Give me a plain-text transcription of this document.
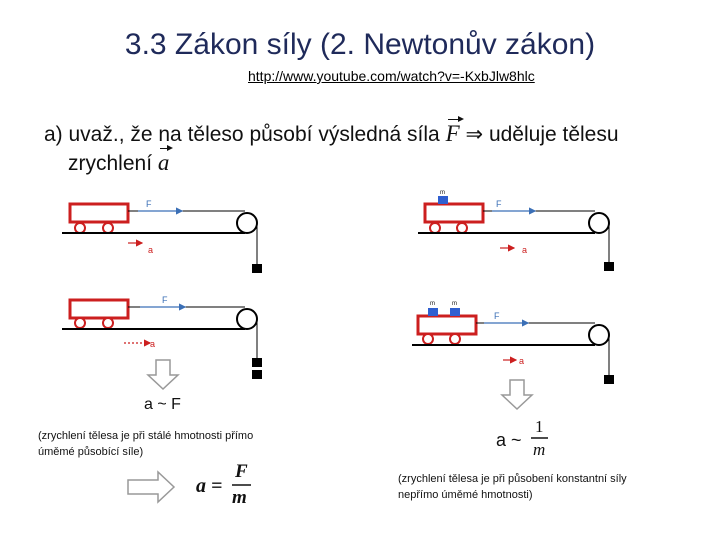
3.3 Zákon síly (2. Newtonův zákon)
http://www.youtube.com/watch?v=-KxbJlw8hlc
a) uvaž., že na těleso působí výsledná síla F ⇒ uděluje tělesu
zrychlení a
F
a
F
a
m
F
a
F
a
m	m
a ~ F
(zrychlení tělesa je při stálé hmotnosti přímo
úměmé působící síle)
a =
F
m
a ~
1
m
(zrychlení tělesa je při působení konstantní síly
nepřímo úměmé hmotnosti)
